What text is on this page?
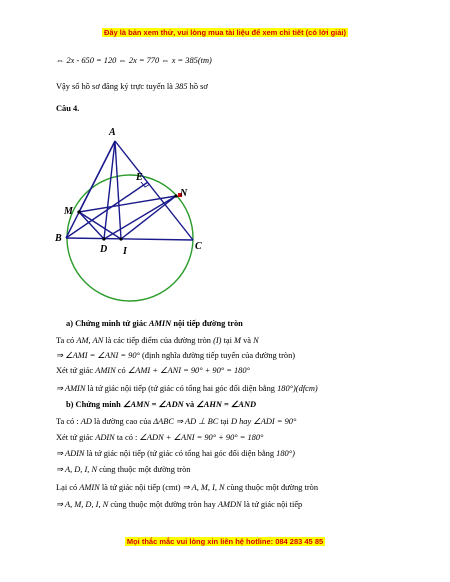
Đây là bản xem thử, vui lòng mua tài liệu để xem chi tiết (có lời giải)
⇔ 2x - 650 = 120 ⇔ 2x = 770 ⇔ x = 385(tm)
Vậy số hồ sơ đăng ký trực tuyến là 385 hồ sơ
Câu 4.
A
E
N
M
B
C
D I
a) Chứng minh tứ giác AMIN nội tiếp đường tròn
Ta có AM, AN là các tiếp điểm của đường tròn (I) tại M và N
⇒ ∠AMI = ∠ANI = 90° (định nghĩa đường tiếp tuyến của đường tròn)
Xét tứ giác AMIN có ∠AMI + ∠ANI = 90° + 90° = 180°
⇒ AMIN là tứ giác nội tiếp (tứ giác có tổng hai góc đối diện bằng 180°)(dfcm)
b) Chứng minh ∠AMN = ∠ADN và ∠AHN = ∠AND
Ta có : AD là đường cao của ΔABC ⇒ AD ⊥ BC tại D hay ∠ADI = 90°
Xét tứ giác ADIN ta có : ∠ADN + ∠ANI = 90° + 90° = 180°
⇒ ADIN là tứ giác nội tiếp (tứ giác có tổng hai góc đối diện bằng 180°)
⇒ A, D, I, N cùng thuộc một đường tròn
Lại có AMIN là tứ giác nội tiếp (cmt) ⇒ A, M, I, N cùng thuộc một đường tròn
⇒ A, M, D, I, N cùng thuộc một đường tròn hay AMDN là tứ giác nội tiếp
Mọi thắc mắc vui lòng xin liên hệ hotline: 084 283 45 85
